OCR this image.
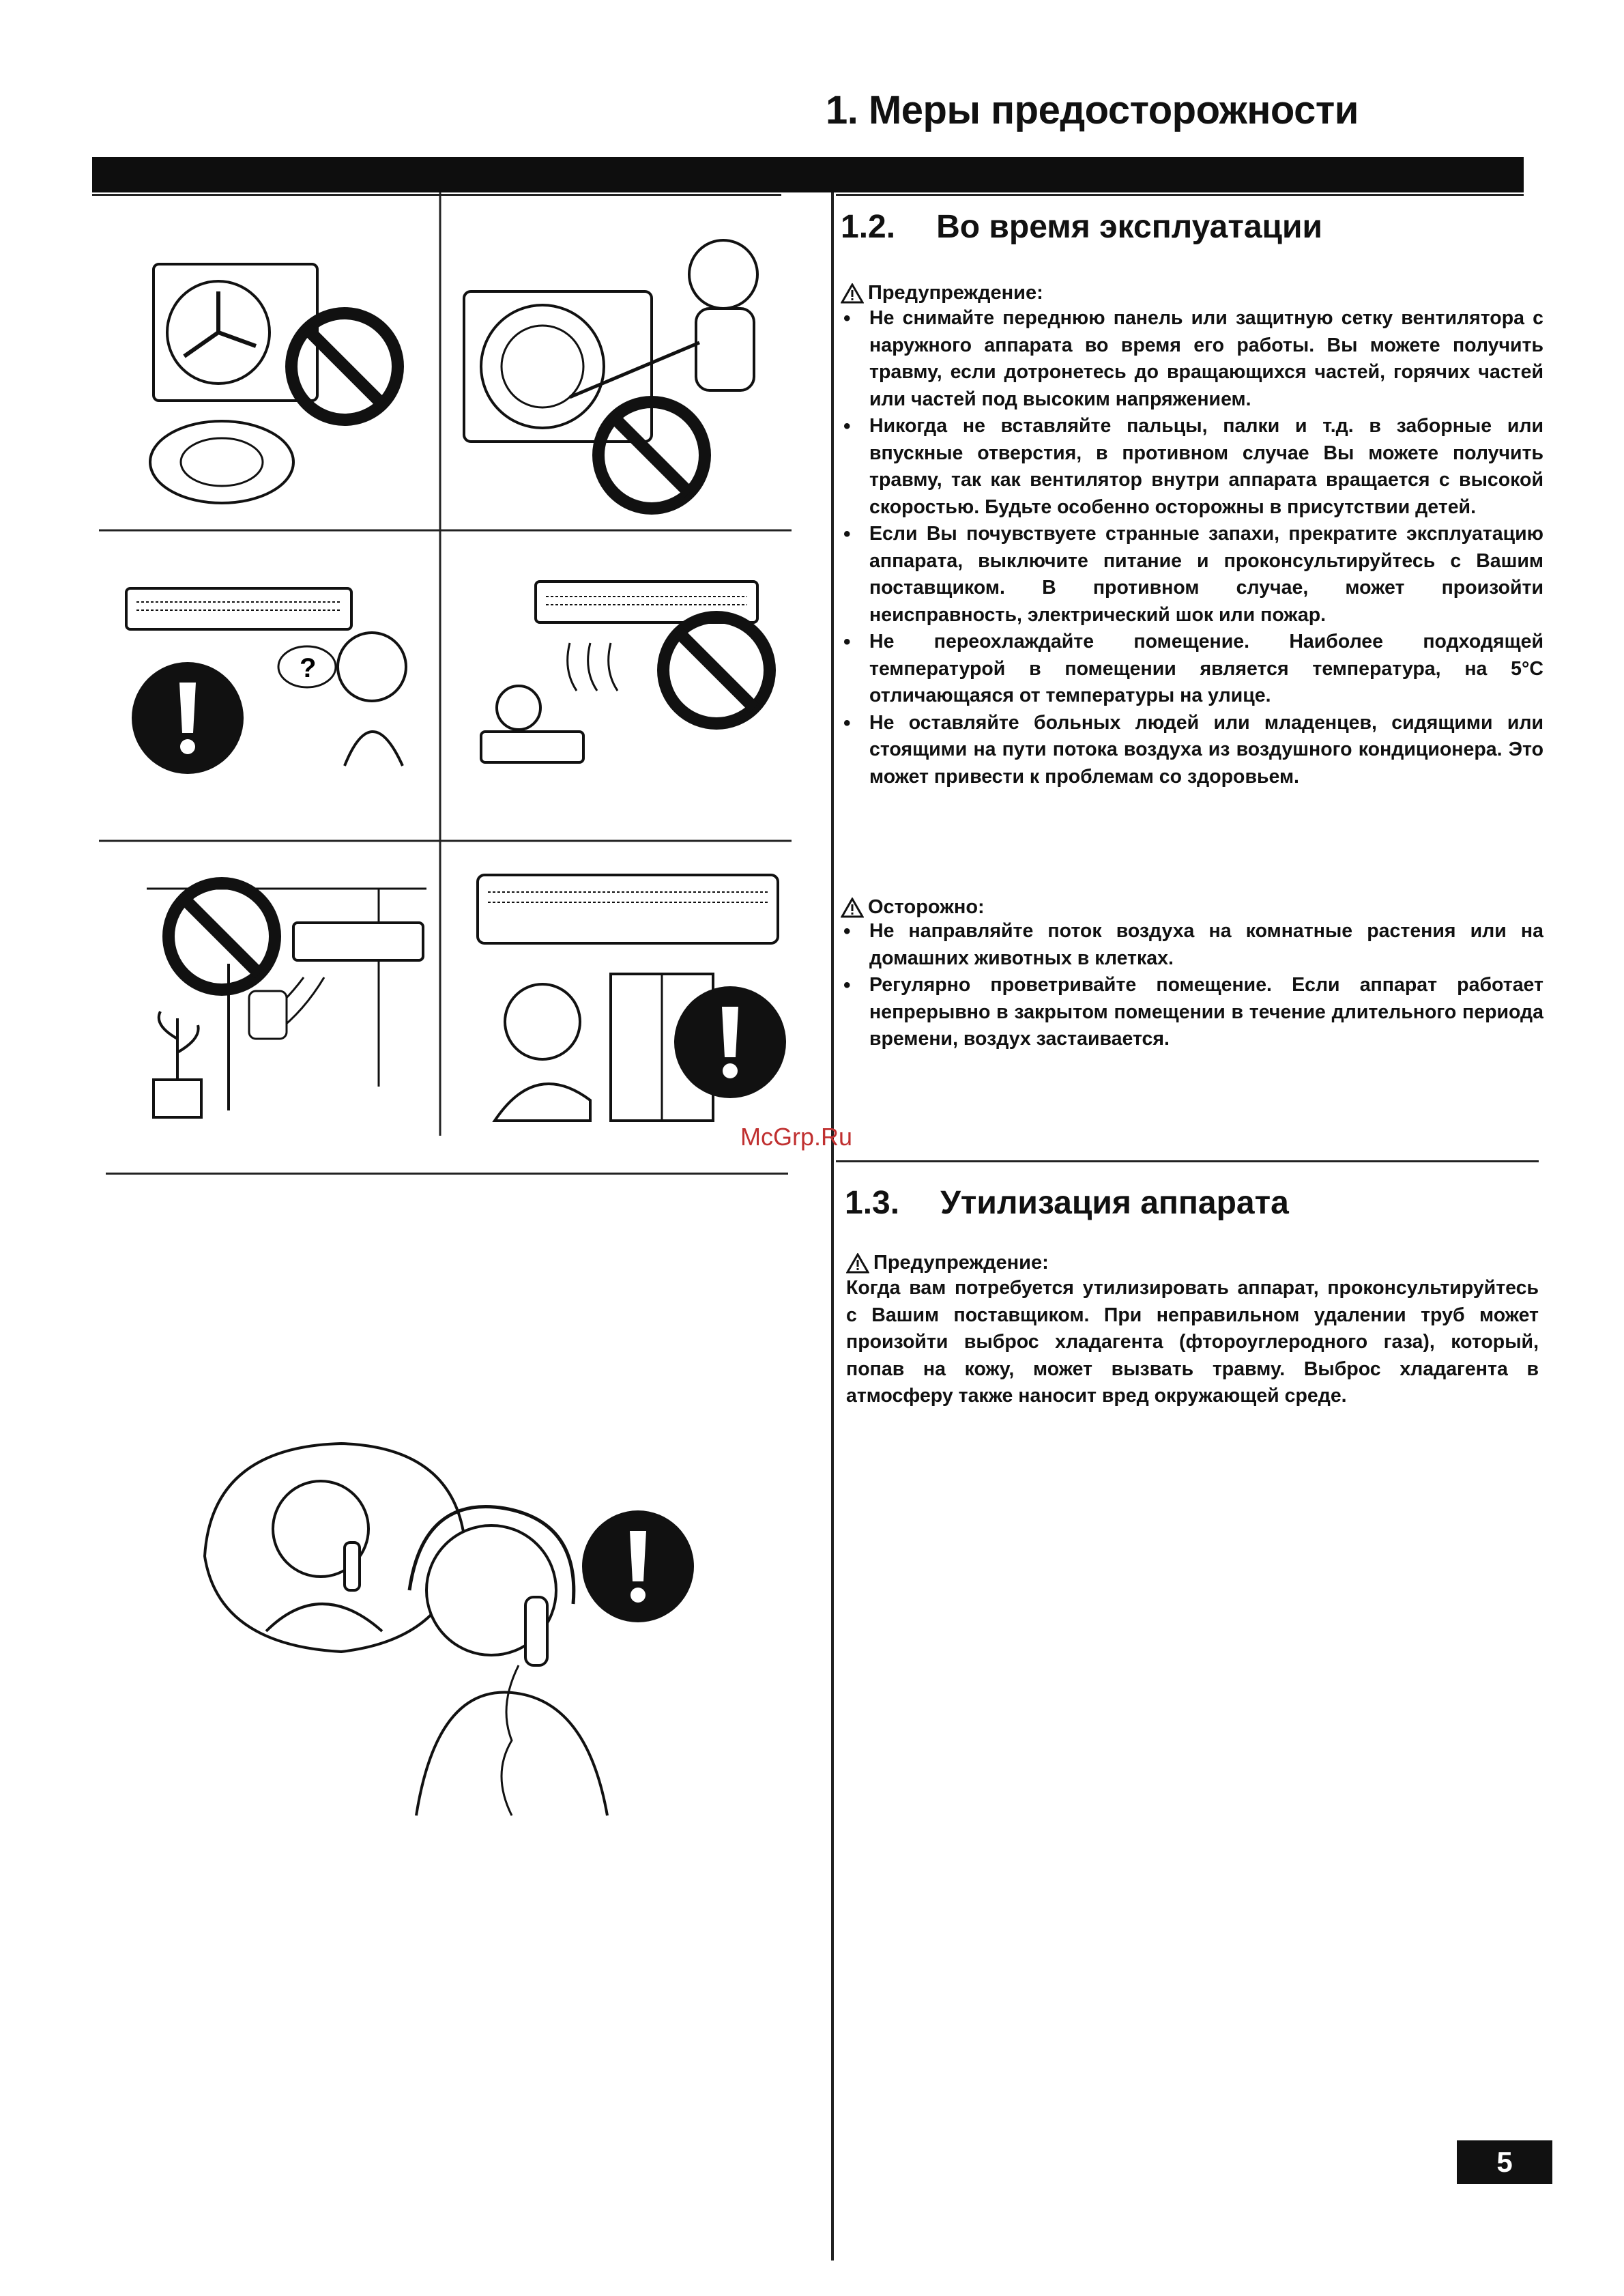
1. Меры предосторожности
?
1.2. Во время эксплуатации
Предупреждение:
• Не снимайте переднюю панель или защитную сетку вентилятора с наружного аппарата во время его работы. Вы можете получить травму, если дотронетесь до вращающихся частей, горячих частей или частей под высоким напряжением.
• Никогда не вставляйте пальцы, палки и т.д. в заборные или впускные отверстия, в противном случае Вы можете получить травму, так как вентилятор внутри аппарата вращается с высокой скоростью. Будьте особенно осторожны в присутствии детей.
• Если Вы почувствуете странные запахи, прекратите эксплуатацию аппарата, выключите питание и проконсультируйтесь с Вашим поставщиком. В противном случае, может произойти неисправность, электрический шок или пожар.
• Не переохлаждайте помещение. Наиболее подходящей температурой в помещении является температура, на 5°C отличающаяся от температуры на улице.
• Не оставляйте больных людей или младенцев, сидящими или стоящими на пути потока воздуха из воздушного кондиционера. Это может привести к проблемам со здоровьем.
Осторожно:
• Не направляйте поток воздуха на комнатные растения или на домашних животных в клетках.
• Регулярно проветривайте помещение. Если аппарат работает непрерывно в закрытом помещении в течение длительного периода времени, воздух застаивается.
McGrp.Ru
1.3. Утилизация аппарата
Предупреждение:
Когда вам потребуется утилизировать аппарат, проконсультируйтесь с Вашим поставщиком. При неправильном удалении труб может произойти выброс хладагента (фтороуглеродного газа), который, попав на кожу, может вызвать травму. Выброс хладагента в атмосферу также наносит вред окружающей среде.
5
